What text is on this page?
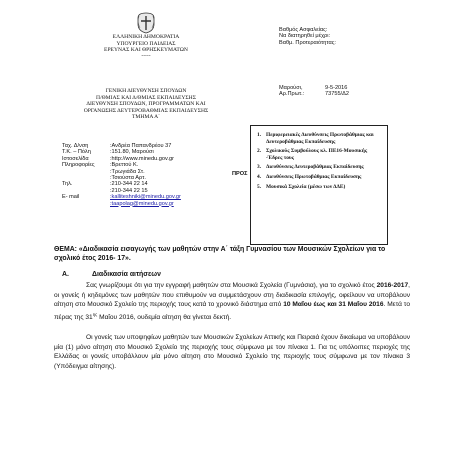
ΕΛΛΗΝΙΚΗ ΔΗΜΟΚΡΑΤΙΑ
ΥΠΟΥΡΓΕΙΟ ΠΑΙΔΕΙΑΣ
ΕΡΕΥΝΑΣ ΚΑΙ ΘΡΗΣΚΕΥΜΑΤΩΝ
-----
ΓΕΝΙΚΗ ΔΙΕΥΘΥΝΣΗ ΣΠΟΥΔΩΝ
Π/ΘΜΙΑΣ ΚΑΙ Δ/ΘΜΙΑΣ ΕΚΠΑΙΔΕΥΣΗΣ
ΔΙΕΥΘΥΝΣΗ ΣΠΟΥΔΩΝ, ΠΡΟΓΡΑΜΜΑΤΩΝ ΚΑΙ
ΟΡΓΑΝΩΣΗΣ ΔΕΥΤΕΡΟΒΑΘΜΙΑΣ ΕΚΠΑΙΔΕΥΣΗΣ
ΤΜΗΜΑ Α΄
Βαθμός Ασφαλείας:
Να διατηρηθεί μέχρι:
Βαθμ. Προτεραιότητας:
Μαρούσι,	9-5-2016
Αρ.Πρωτ.:	73755/Δ2
Ταχ. Δ/νση	:Ανδρέα Παπανδρέου 37
Τ.Κ. – Πόλη	:151.80, Μαρούσι
Ιστοσελίδα	:http://www.minedu.gov.gr
Πληροφορίες	:Βρεττού Κ.
:Τρωγιάδα Στ.
:Τσιούστα Αρτ.
Τηλ.	:210-344 22 14
:210-344 22 15
E- mail	:kalliteshniki@minedu.gov.gr
:taapolag@minedu.gov.gr
ΠΡΟΣ
1. Περιφερειακές Διευθύνσεις Πρωτοβάθμιας και Δευτεροβάθμιας Εκπαίδευσης
2. Σχολικούς Συμβούλους κλ. ΠΕ16-Μουσικής -Έδρες τους
3. Διευθύνσεις Δευτεροβάθμιας Εκπαίδευσης
4. Διευθύνσεις Πρωτοβάθμιας Εκπαίδευσης
5. Μουσικά Σχολεία (μέσω των ΔΔΕ)
ΘΕΜΑ: «Διαδικασία εισαγωγής των μαθητών στην Α΄ τάξη Γυμνασίου των Μουσικών Σχολείων για το σχολικό έτος 2016- 17».
A.	Διαδικασία αιτήσεων
Σας γνωρίζουμε ότι για την εγγραφή μαθητών στα Μουσικά Σχολεία (Γυμνάσια), για το σχολικό έτος 2016-2017, οι γονείς ή κηδεμόνες των μαθητών που επιθυμούν να συμμετάσχουν στη διαδικασία επιλογής, οφείλουν να υποβάλουν αίτηση στο Μουσικό Σχολείο της περιοχής τους κατά το χρονικό διάστημα από 10 Μαΐου έως και 31 Μαΐου 2016. Μετά το πέρας της $31^{\eta\varsigma}$ Μαΐου 2016, ουδεμία αίτηση θα γίνεται δεκτή.
Οι γονείς των υποψηφίων μαθητών των Μουσικών Σχολείων Αττικής και Πειραιά έχουν δικαίωμα να υποβάλουν μία (1) μόνο αίτηση στο Μουσικό Σχολείο της περιοχής τους σύμφωνα με τον πίνακα 1. Για τις υπόλοιπες περιοχές της Ελλάδας οι γονείς υποβάλλουν μία μόνο αίτηση στο Μουσικό Σχολείο της περιοχής τους σύμφωνα με τον πίνακα 3 (Υπόδειγμα αίτησης).
